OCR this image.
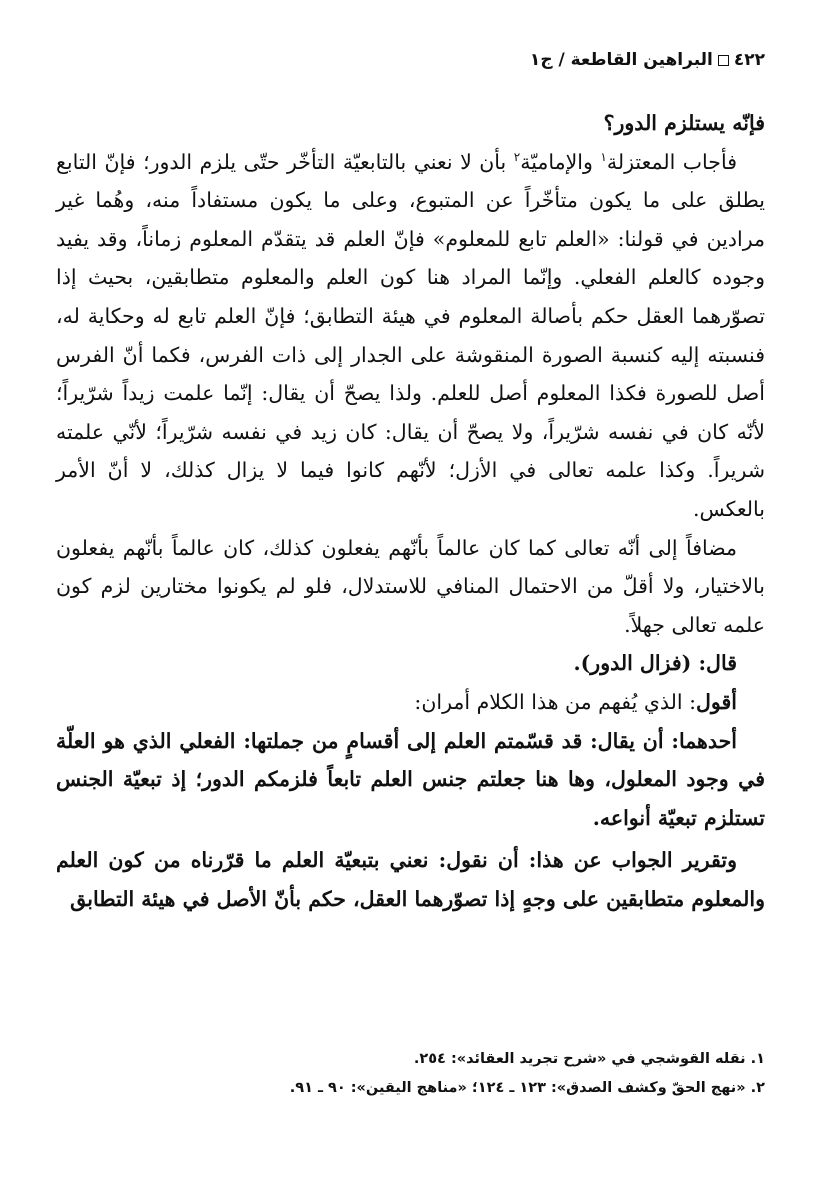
٤٢٢البراهين القاطعة / ج١

فإنّه يستلزم الدور؟

فأجاب المعتزلة$^١$ والإماميّة$^٢$ بأن لا نعني بالتابعيّة التأخّر حتّى يلزم الدور؛ فإنّ التابع يطلق على ما يكون متأخّراً عن المتبوع، وعلى ما يكون مستفاداً منه، وهُما غير مرادين في قولنا: «العلم تابع للمعلوم» فإنّ العلم قد يتقدّم المعلوم زماناً، وقد يفيد وجوده كالعلم الفعلي. وإنّما المراد هنا كون العلم والمعلوم متطابقين، بحيث إذا تصوّرهما العقل حكم بأصالة المعلوم في هيئة التطابق؛ فإنّ العلم تابع له وحكاية له، فنسبته إليه كنسبة الصورة المنقوشة على الجدار إلى ذات الفرس، فكما أنّ الفرس أصل للصورة فكذا المعلوم أصل للعلم. ولذا يصحّ أن يقال: إنّما علمت زيداً شرّيراً؛ لأنّه كان في نفسه شرّيراً، ولا يصحّ أن يقال: كان زيد في نفسه شرّيراً؛ لأنّي علمته شريراً. وكذا علمه تعالى في الأزل؛ لأنّهم كانوا فيما لا يزال كذلك، لا أنّ الأمر بالعكس.

مضافاً إلى أنّه تعالى كما كان عالماً بأنّهم يفعلون كذلك، كان عالماً بأنّهم يفعلون بالاختيار، ولا أقلّ من الاحتمال المنافي للاستدلال، فلو لم يكونوا مختارين لزم كون علمه تعالى جهلاً.

قال: (فزال الدور).

أقول: الذي يُفهم من هذا الكلام أمران:

أحدهما: أن يقال: قد قسّمتم العلم إلى أقسامٍ من جملتها: الفعلي الذي هو العلّة في وجود المعلول، وها هنا جعلتم جنس العلم تابعاً فلزمكم الدور؛ إذ تبعيّة الجنس تستلزم تبعيّة أنواعه.

وتقرير الجواب عن هذا: أن نقول: نعني بتبعيّة العلم ما قرّرناه من كون العلم والمعلوم متطابقين على وجهٍ إذا تصوّرهما العقل، حكم بأنّ الأصل في هيئة التطابق

١. نقله القوشجي في «شرح تجريد العقائد»: ٢٥٤.
٢. «نهج الحقّ وكشف الصدق»: ١٢٣ ـ ١٢٤؛ «مناهج اليقين»: ٩٠ ـ ٩١.
